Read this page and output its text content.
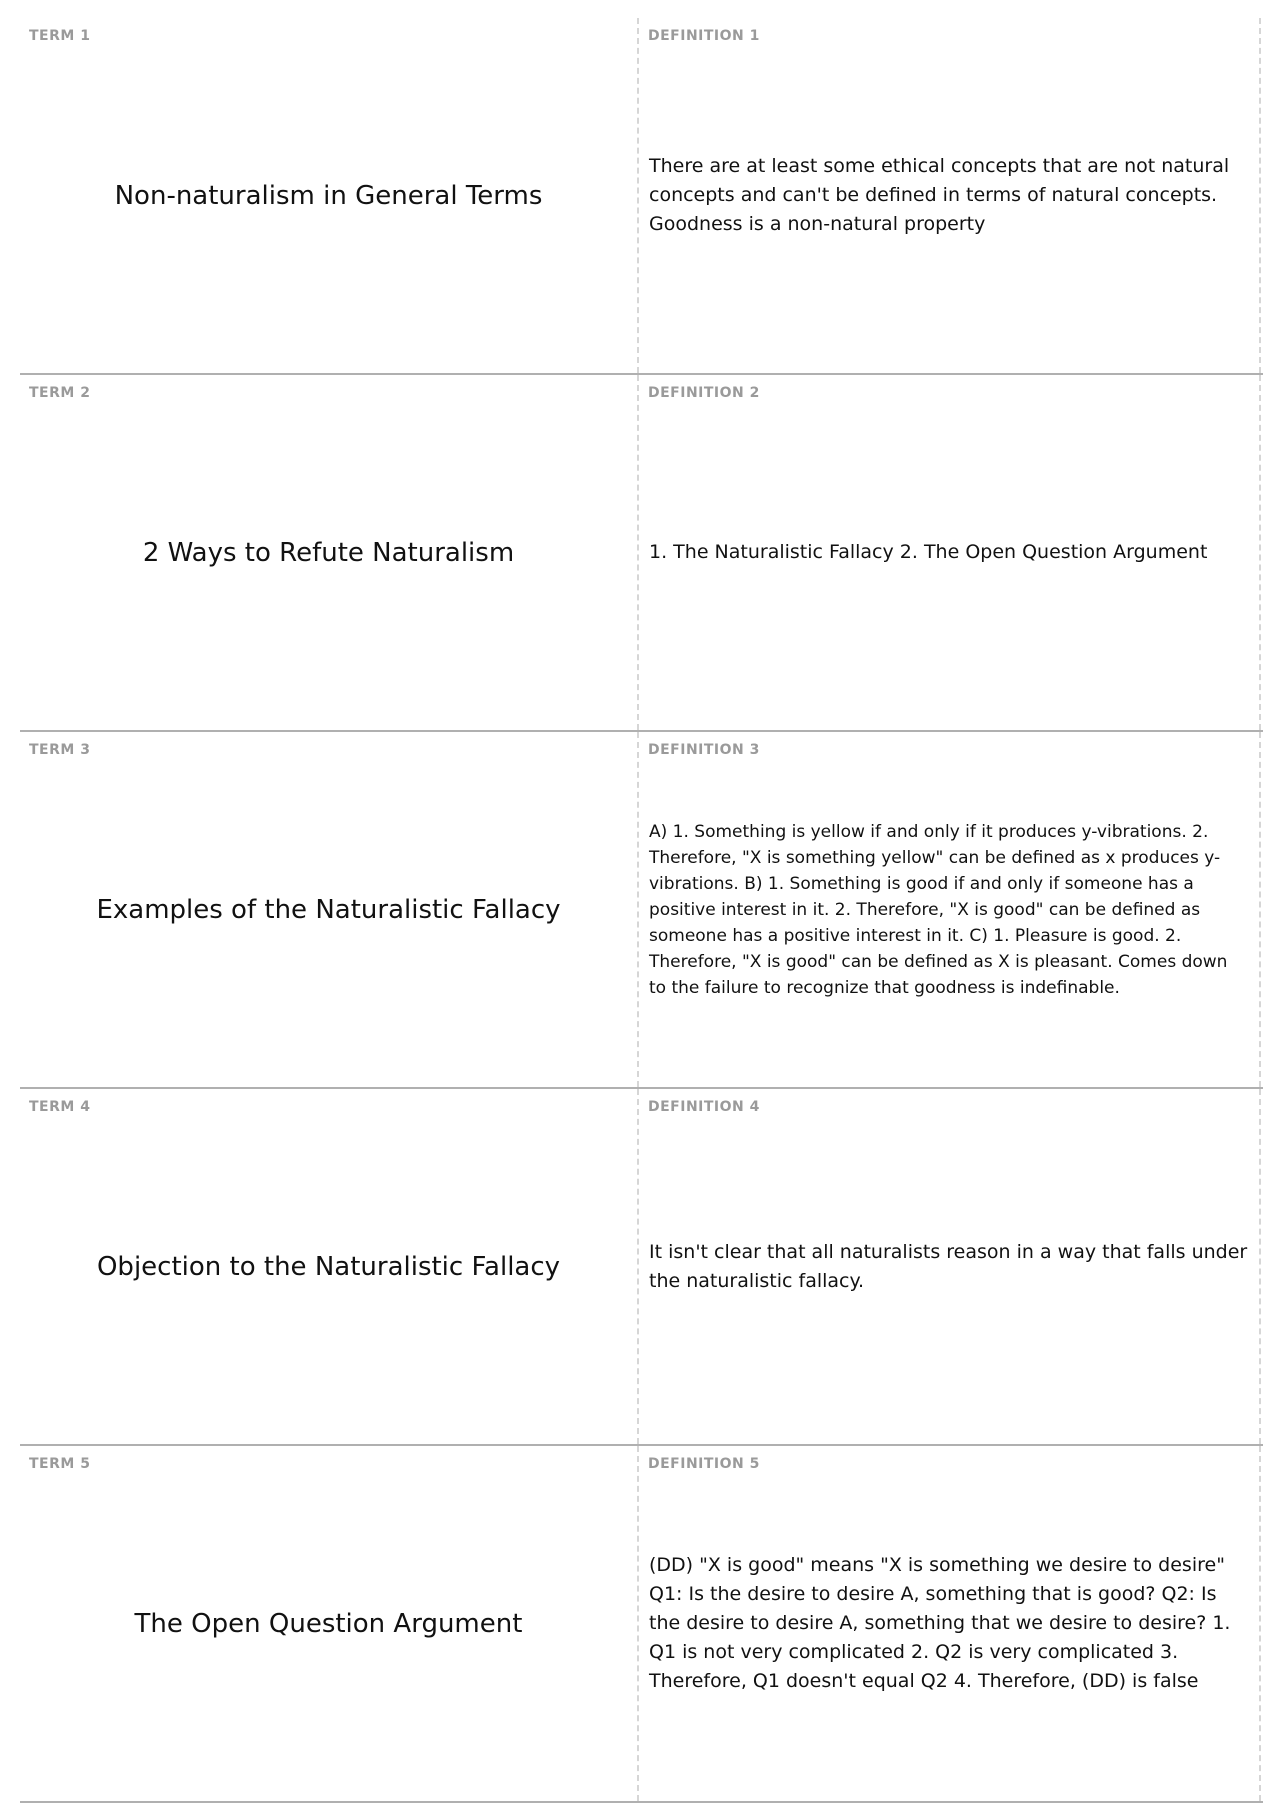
TERM 1
Non-naturalism in General Terms
DEFINITION 1
There are at least some ethical concepts that are not natural concepts and can't be defined in terms of natural concepts. Goodness is a non-natural property
TERM 2
2 Ways to Refute Naturalism
DEFINITION 2
1. The Naturalistic Fallacy 2. The Open Question Argument
TERM 3
Examples of the Naturalistic Fallacy
DEFINITION 3
A) 1. Something is yellow if and only if it produces y-vibrations. 2. Therefore, "X is something yellow" can be defined as x produces y-vibrations. B) 1. Something is good if and only if someone has a positive interest in it. 2. Therefore, "X is good" can be defined as someone has a positive interest in it. C) 1. Pleasure is good. 2. Therefore, "X is good" can be defined as X is pleasant. Comes down to the failure to recognize that goodness is indefinable.
TERM 4
Objection to the Naturalistic Fallacy
DEFINITION 4
It isn't clear that all naturalists reason in a way that falls under the naturalistic fallacy.
TERM 5
The Open Question Argument
DEFINITION 5
(DD) "X is good" means "X is something we desire to desire" Q1: Is the desire to desire A, something that is good? Q2: Is the desire to desire A, something that we desire to desire? 1. Q1 is not very complicated 2. Q2 is very complicated 3. Therefore, Q1 doesn't equal Q2 4. Therefore, (DD) is false
